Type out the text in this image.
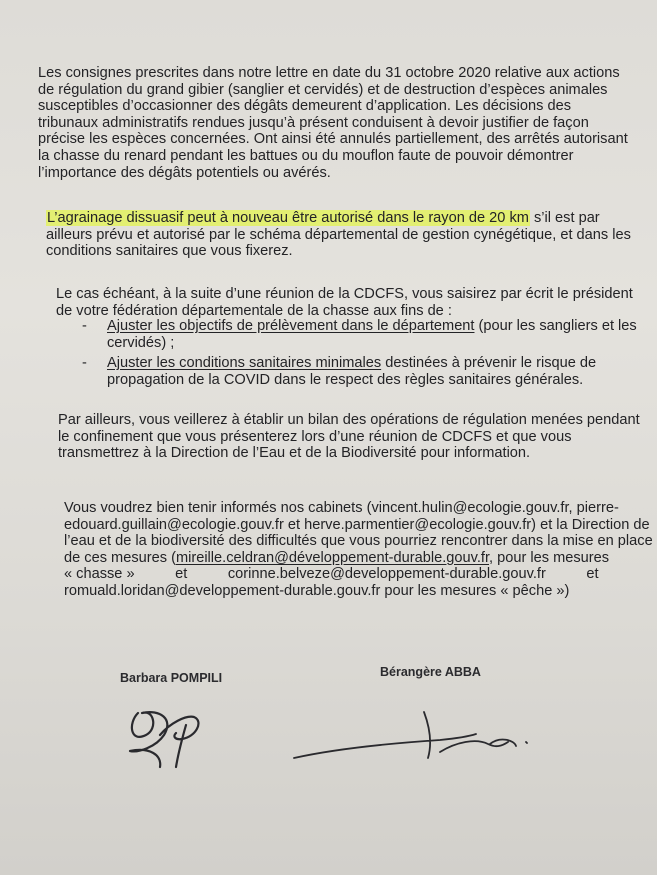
Les consignes prescrites dans notre lettre en date du 31 octobre 2020 relative aux actions
de régulation du grand gibier (sanglier et cervidés) et de destruction d’espèces animales
susceptibles d’occasionner des dégâts demeurent d’application. Les décisions des
tribunaux administratifs rendues jusqu’à présent conduisent à devoir justifier de façon
précise les espèces concernées. Ont ainsi été annulés partiellement, des arrêtés autorisant
la chasse du renard pendant les battues ou du mouflon faute de pouvoir démontrer
l’importance des dégâts potentiels ou avérés.
L’agrainage dissuasif peut à nouveau être autorisé dans le rayon de 20 km s’il est par
ailleurs prévu et autorisé par le schéma départemental de gestion cynégétique, et dans les
conditions sanitaires que vous fixerez.
Le cas échéant, à la suite d’une réunion de la CDCFS, vous saisirez par écrit le président
de votre fédération départementale de la chasse aux fins de :
- Ajuster les objectifs de prélèvement dans le département (pour les sangliers et les
cervidés) ;
- Ajuster les conditions sanitaires minimales destinées à prévenir le risque de
propagation de la COVID dans le respect des règles sanitaires générales.
Par ailleurs, vous veillerez à établir un bilan des opérations de régulation menées pendant
le confinement que vous présenterez lors d’une réunion de CDCFS et que vous
transmettrez à la Direction de l’Eau et de la Biodiversité pour information.
Vous voudrez bien tenir informés nos cabinets (vincent.hulin@ecologie.gouv.fr, pierre-
edouard.guillain@ecologie.gouv.fr et herve.parmentier@ecologie.gouv.fr) et la Direction de
l’eau et de la biodiversité des difficultés que vous pourriez rencontrer dans la mise en place
de ces mesures (mireille.celdran@développement-durable.gouv.fr, pour les mesures
« chasse »          et          corinne.belveze@developpement-durable.gouv.fr          et
romuald.loridan@developpement-durable.gouv.fr pour les mesures « pêche »)
Barbara POMPILI	Bérangère ABBA
